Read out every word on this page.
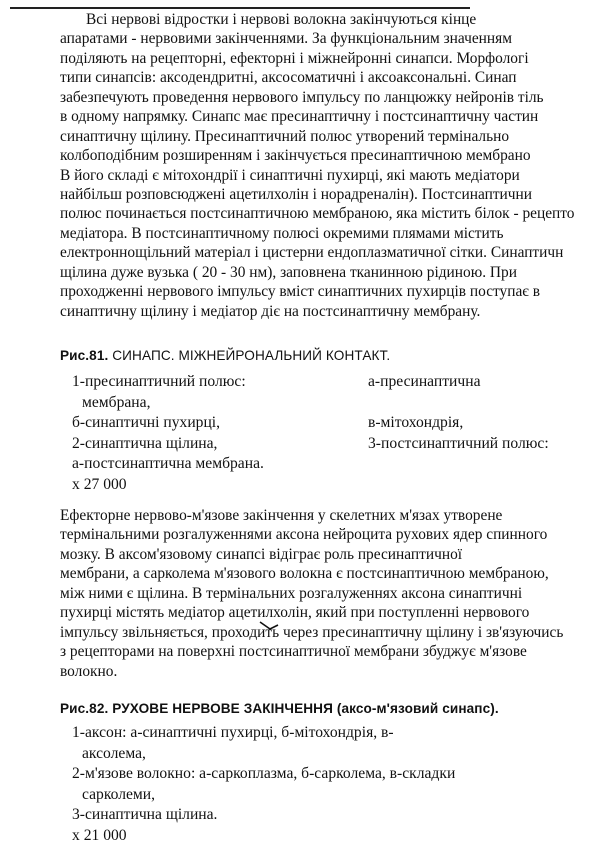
Всі нервові відростки і нервові волокна закінчуються кінце
апаратами - нервовими закінченнями. За функціональним значенням
поділяють на рецепторні, ефекторні і міжнейронні синапси. Морфологі
типи синапсів: аксодендритні, аксосоматичні і аксоаксональні. Синап
забезпечують проведення нервового імпульсу по ланцюжку нейронів тіль
в одному напрямку. Синапс має пресинаптичну і постсинаптичну частин
синаптичну щілину. Пресинаптичний полюс утворений термінально
колбоподібним розширенням і закінчується пресинаптичною мембрано
В його складі є мітохондрії і синаптичні пухирці, які мають медіатори
найбільш розповсюджені ацетилхолін і норадреналін). Постсинаптични
полюс починається постсинаптичною мембраною, яка містить білок - рецепто
медіатора. В постсинаптичному полюсі окремими плямами містить
електроннощільний матеріал і цистерни ендоплазматичної сітки. Синаптичн
щілина дуже вузька ( 20 - 30 нм), заповнена тканинною рідиною. При
проходженні нервового імпульсу вміст синаптичних пухирців поступає в
синаптичну щілину і медіатор діє на постсинаптичну мембрану.
Рис.81. СИНАПС. МІЖНЕЙРОНАЛЬНИЙ КОНТАКТ.
1-пресинаптичний полюс:
мембрана,
б-синаптичні пухирці,
2-синаптична щілина,
а-постсинаптична мембрана.
х 27 000
а-пресинаптична
в-мітохондрія,
3-постсинаптичний полюс:
Ефекторне нервово-м'язове закінчення у скелетних м'язах утворене
термінальними розгалуженнями аксона нейроцита рухових ядер спинного
мозку. В аксом'язовому синапсі відіграє роль пресинаптичної
мембрани, а сарколема м'язового волокна є постсинаптичною мембраною,
між ними є щілина. В термінальних розгалуженнях аксона синаптичні
пухирці містять медіатор ацетилхолін, який при поступленні нервового
імпульсу звільняється, проходить через пресинаптичну щілину і зв'язуючись
з рецепторами на поверхні постсинаптичної мембрани збуджує м'язове
волокно.
Рис.82. РУХОВЕ НЕРВОВЕ ЗАКІНЧЕННЯ (аксо-м'язовий синапс).
1-аксон: а-синаптичні пухирці, б-мітохондрія, в-
аксолема,
2-м'язове волокно: а-саркоплазма, б-сарколема, в-складки
сарколеми,
3-синаптична щілина.
х 21 000
